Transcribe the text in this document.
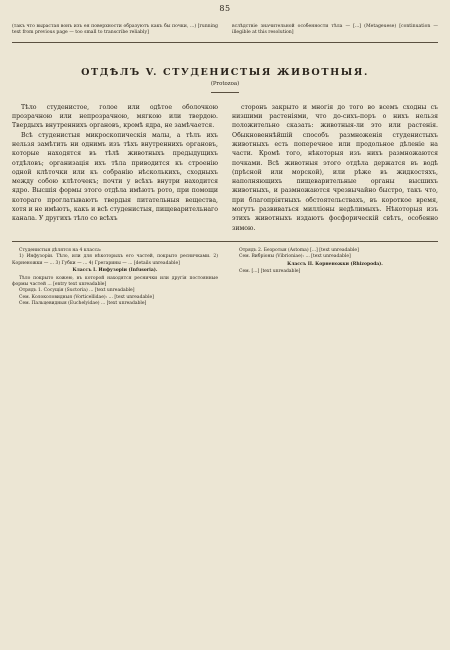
85
(такъ что вырастая вонъ изъ ея поверхности образуютъ какъ бы почки, ...) [running text from previous page — too small to transcribe reliably]
вслѣдствіе значительной особенности тѣла — [...] (Metageuese) [continuation — illegible at this resolution]
ОТДѢЛЪ V. СТУДЕНИСТЫЯ ЖИВОТНЫЯ.
(Protozoa)

Тѣло студенистое, голое или одѣтое оболочкою прозрачною или непрозрачною, мягкою или твердою. Твердыхъ внутреннихъ органовъ, кромѣ ядра, не замѣчается.

Всѣ студенистыя микроскопическія малы, а тѣлъ ихъ нельзя замѣтить ни однимъ изъ тѣхъ внутреннихъ органовъ, которые находятся въ тѣлѣ животныхъ предыдущихъ отдѣловъ; организація ихъ тѣла приводится къ строенію одной клѣточки или къ собранію нѣсколькихъ, сходныхъ между собою клѣточекъ; почти у всѣхъ внутри находится ядро. Высшія формы этого отдѣла имѣютъ рото, при помощи котораго проглатываютъ твердыя питательныя вещества, хотя и не имѣютъ, какъ и всѣ студенистыя, пищеварительнаго канала. У другихъ тѣло со всѣхъ

сторонъ закрыто и многія до того во всемъ сходны съ низшими растеніями, что до-сихъ-поръ о нихъ нельзя положительно сказать: животныя-ли это или растенія. Обыкновеннѣйшій способъ размноженія студенистыхъ животныхъ есть поперечное или продольное дѣленіе на части. Кромѣ того, нѣкоторыя изъ нихъ размножаются почками. Всѣ животныя этого отдѣла держатся въ водѣ (прѣсной или морской), или рѣже въ жидкостяхъ, наполняющихъ пищеварительные органы высшихъ животныхъ, и размножаются чрезвычайно быстро, такъ что, при благопріятныхъ обстоятельствахъ, въ короткое время, могутъ развиваться милліоны недѣлимыхъ. Нѣкоторыя изъ этихъ животныхъ издаютъ фосфорическій свѣтъ, особенно зимою.

Студенистыя дѣлятся на 4 класса:

1) Инфузоріи. Тѣло, или для нѣкоторыхъ его частей, покрыто ресничками. 2) Корненожки — ... 3) Губки — ... 4) Грегарины — ... [details unreadable]

Классъ I. Инфузоріи (Infusoria).

Тѣло покрыто кожею, въ которой находятся реснички или другія постоянные формы частей ... [entry text unreadable]

Отрядъ 1. Сосущія (Suctoria) ... [text unreadable]

Сем. Колоколовидныя (Vorticellidae): ... [text unreadable]

Сем. Пальцевидныя (Euchelyidae) ... [text unreadable]

Отрядъ 2. Безротыя (Astoma) [...] [text unreadable]

Сем. Вибріоны (Vibrioniae): ... [text unreadable]

Классъ II. Корненожки (Rhizopoda).

Сем. [...] [text unreadable]
